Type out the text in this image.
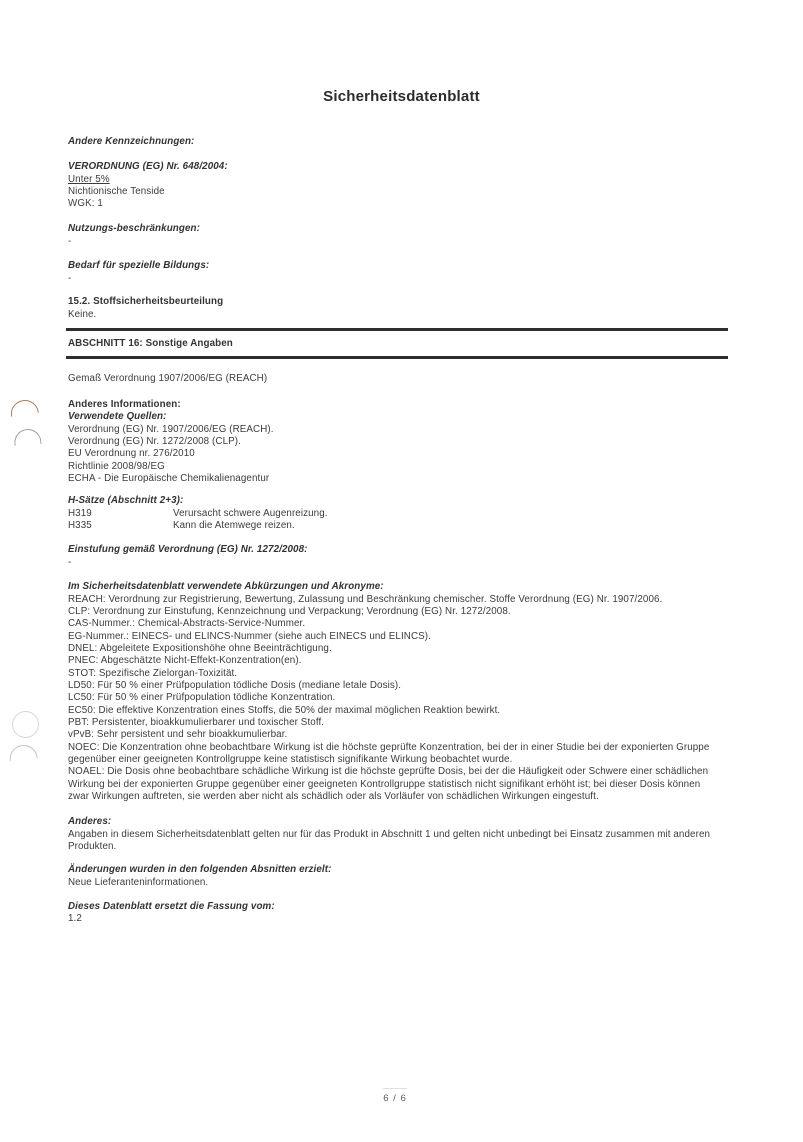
Sicherheitsdatenblatt
Andere Kennzeichnungen:
VERORDNUNG (EG) Nr. 648/2004:
Unter 5%
Nichtionische Tenside
WGK: 1
Nutzungs-beschränkungen:
-
Bedarf für spezielle Bildungs:
-
15.2. Stoffsicherheitsbeurteilung
Keine.
ABSCHNITT 16: Sonstige Angaben
Gemaß Verordnung 1907/2006/EG (REACH)
Anderes Informationen:
Verwendete Quellen:
Verordnung (EG) Nr. 1907/2006/EG (REACH).
Verordnung (EG) Nr. 1272/2008 (CLP).
EU Verordnung nr. 276/2010
Richtlinie 2008/98/EG
ECHA - Die Europäische Chemikalienagentur
H-Sätze (Abschnitt 2+3):
H319	Verursacht schwere Augenreizung.
H335	Kann die Atemwege reizen.
Einstufung gemäß Verordnung (EG) Nr. 1272/2008:
-
Im Sicherheitsdatenblatt verwendete Abkürzungen und Akronyme:
REACH: Verordnung zur Registrierung, Bewertung, Zulassung und Beschränkung chemischer. Stoffe Verordnung (EG) Nr. 1907/2006.
CLP: Verordnung zur Einstufung, Kennzeichnung und Verpackung; Verordnung (EG) Nr. 1272/2008.
CAS-Nummer.: Chemical-Abstracts-Service-Nummer.
EG-Nummer.: EINECS- und ELINCS-Nummer (siehe auch EINECS und ELINCS).
DNEL: Abgeleitete Expositionshöhe ohne Beeinträchtigung.
PNEC: Abgeschätzte Nicht-Effekt-Konzentration(en).
STOT: Spezifische Zielorgan-Toxizität.
LD50: Für 50 % einer Prüfpopulation tödliche Dosis (mediane letale Dosis).
LC50: Für 50 % einer Prüfpopulation tödliche Konzentration.
EC50: Die effektive Konzentration eines Stoffs, die 50% der maximal möglichen Reaktion bewirkt.
PBT: Persistenter, bioakkumulierbarer und toxischer Stoff.
vPvB: Sehr persistent und sehr bioakkumulierbar.
NOEC: Die Konzentration ohne beobachtbare Wirkung ist die höchste geprüfte Konzentration, bei der in einer Studie bei der exponierten Gruppe
gegenüber einer geeigneten Kontrollgruppe keine statistisch signifikante Wirkung beobachtet wurde.
NOAEL: Die Dosis ohne beobachtbare schädliche Wirkung ist die höchste geprüfte Dosis, bei der die Häufigkeit oder Schwere einer schädlichen
Wirkung bei der exponierten Gruppe gegenüber einer geeigneten Kontrollgruppe statistisch nicht signifikant erhöht ist; bei dieser Dosis können
zwar Wirkungen auftreten, sie werden aber nicht als schädlich oder als Vorläufer von schädlichen Wirkungen eingestuft.
Anderes:
Angaben in diesem Sicherheitsdatenblatt gelten nur für das Produkt in Abschnitt 1 und gelten nicht unbedingt bei Einsatz zusammen mit anderen
Produkten.
Änderungen wurden in den folgenden Absnitten erzielt:
Neue Lieferanteninformationen.
Dieses Datenblatt ersetzt die Fassung vom:
1.2
6 / 6
